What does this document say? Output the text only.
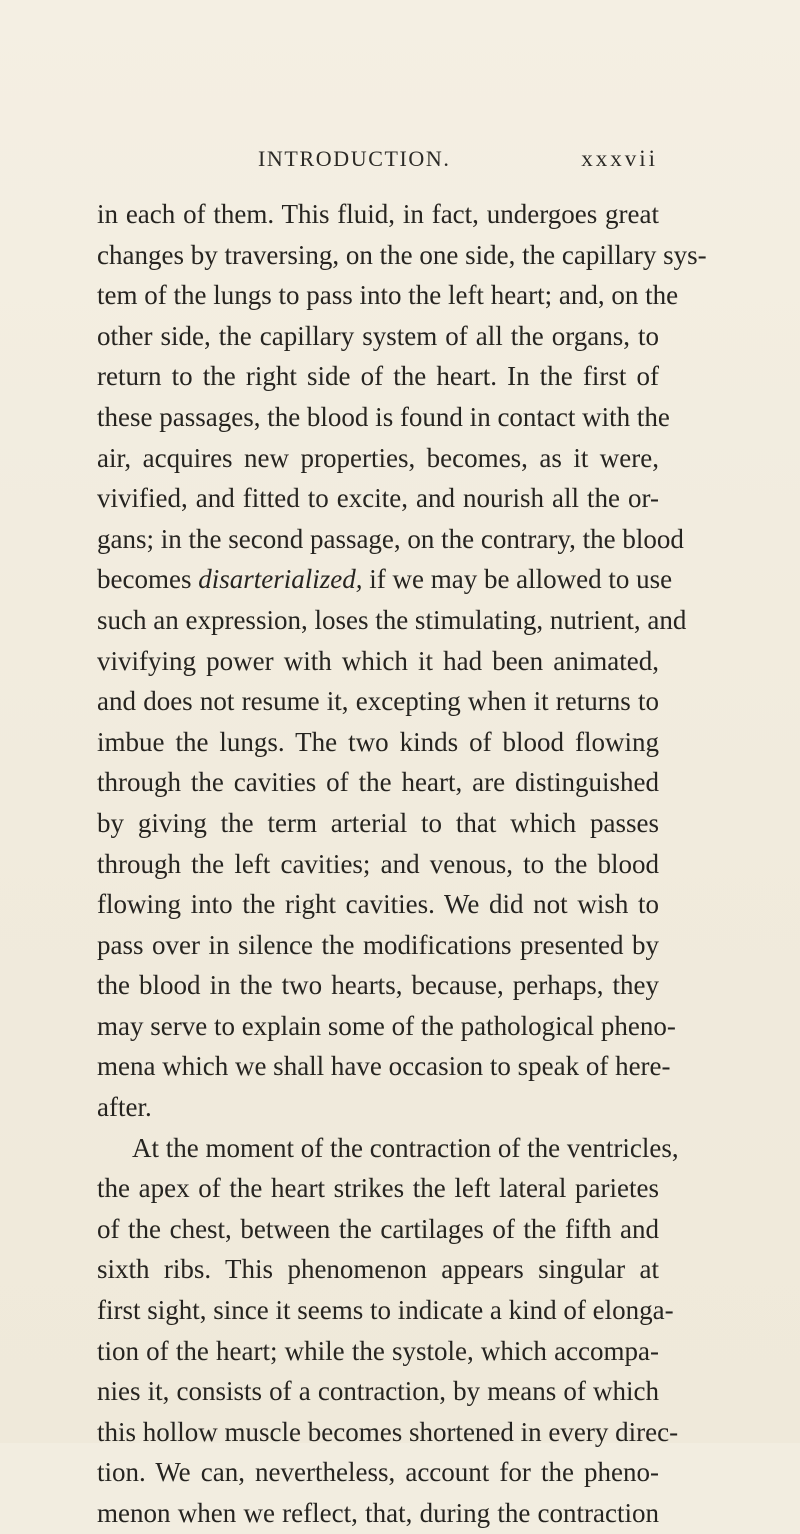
INTRODUCTION.	xxxvii
in each of them. This fluid, in fact, undergoes great
changes by traversing, on the one side, the capillary sys-
tem of the lungs to pass into the left heart; and, on the
other side, the capillary system of all the organs, to
return to the right side of the heart. In the first of
these passages, the blood is found in contact with the
air, acquires new properties, becomes, as it were,
vivified, and fitted to excite, and nourish all the or-
gans; in the second passage, on the contrary, the blood
becomes disarterialized, if we may be allowed to use
such an expression, loses the stimulating, nutrient, and
vivifying power with which it had been animated,
and does not resume it, excepting when it returns to
imbue the lungs. The two kinds of blood flowing
through the cavities of the heart, are distinguished
by giving the term arterial to that which passes
through the left cavities; and venous, to the blood
flowing into the right cavities. We did not wish to
pass over in silence the modifications presented by
the blood in the two hearts, because, perhaps, they
may serve to explain some of the pathological pheno-
mena which we shall have occasion to speak of here-
after.
At the moment of the contraction of the ventricles,
the apex of the heart strikes the left lateral parietes
of the chest, between the cartilages of the fifth and
sixth ribs. This phenomenon appears singular at
first sight, since it seems to indicate a kind of elonga-
tion of the heart; while the systole, which accompa-
nies it, consists of a contraction, by means of which
this hollow muscle becomes shortened in every direc-
tion. We can, nevertheless, account for the pheno-
menon when we reflect, that, during the contraction
